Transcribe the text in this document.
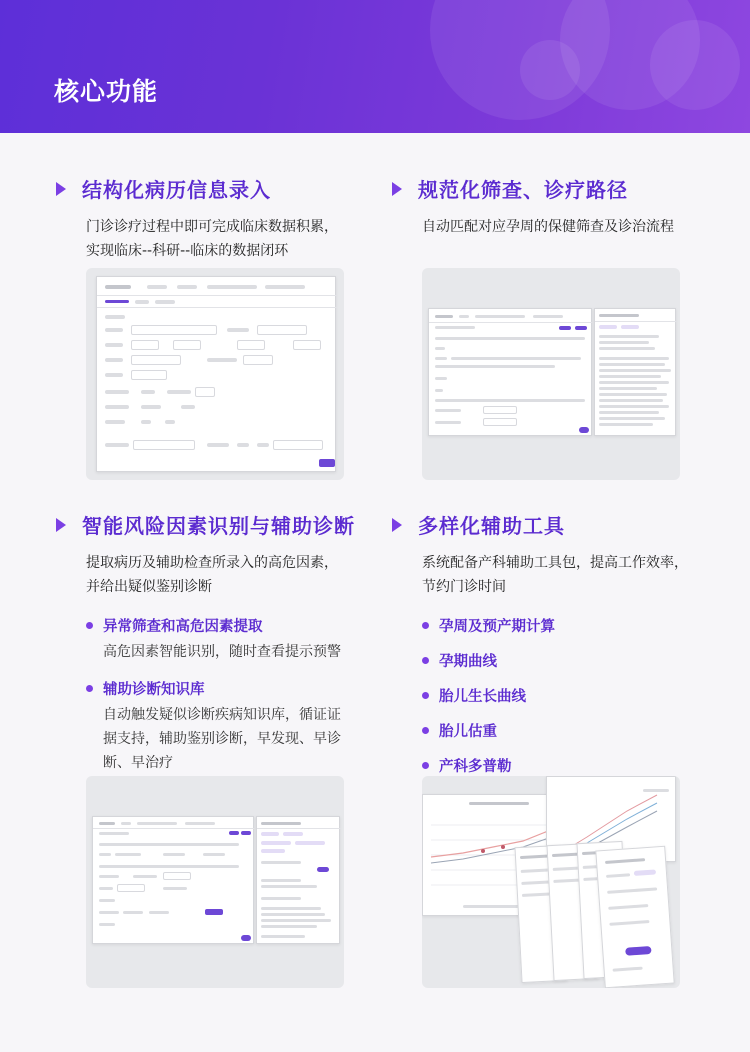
核心功能
结构化病历信息录入
门诊诊疗过程中即可完成临床数据积累，
实现临床--科研--临床的数据闭环
规范化筛查、诊疗路径
自动匹配对应孕周的保健筛查及诊治流程
智能风险因素识别与辅助诊断
提取病历及辅助检查所录入的高危因素，
并给出疑似鉴别诊断
异常筛查和高危因素提取
高危因素智能识别，随时查看提示预警
辅助诊断知识库
自动触发疑似诊断疾病知识库，循证证
据支持，辅助鉴别诊断，早发现、早诊
断、早治疗
多样化辅助工具
系统配备产科辅助工具包，提高工作效率，
节约门诊时间
孕周及预产期计算
孕期曲线
胎儿生长曲线
胎儿估重
产科多普勒
